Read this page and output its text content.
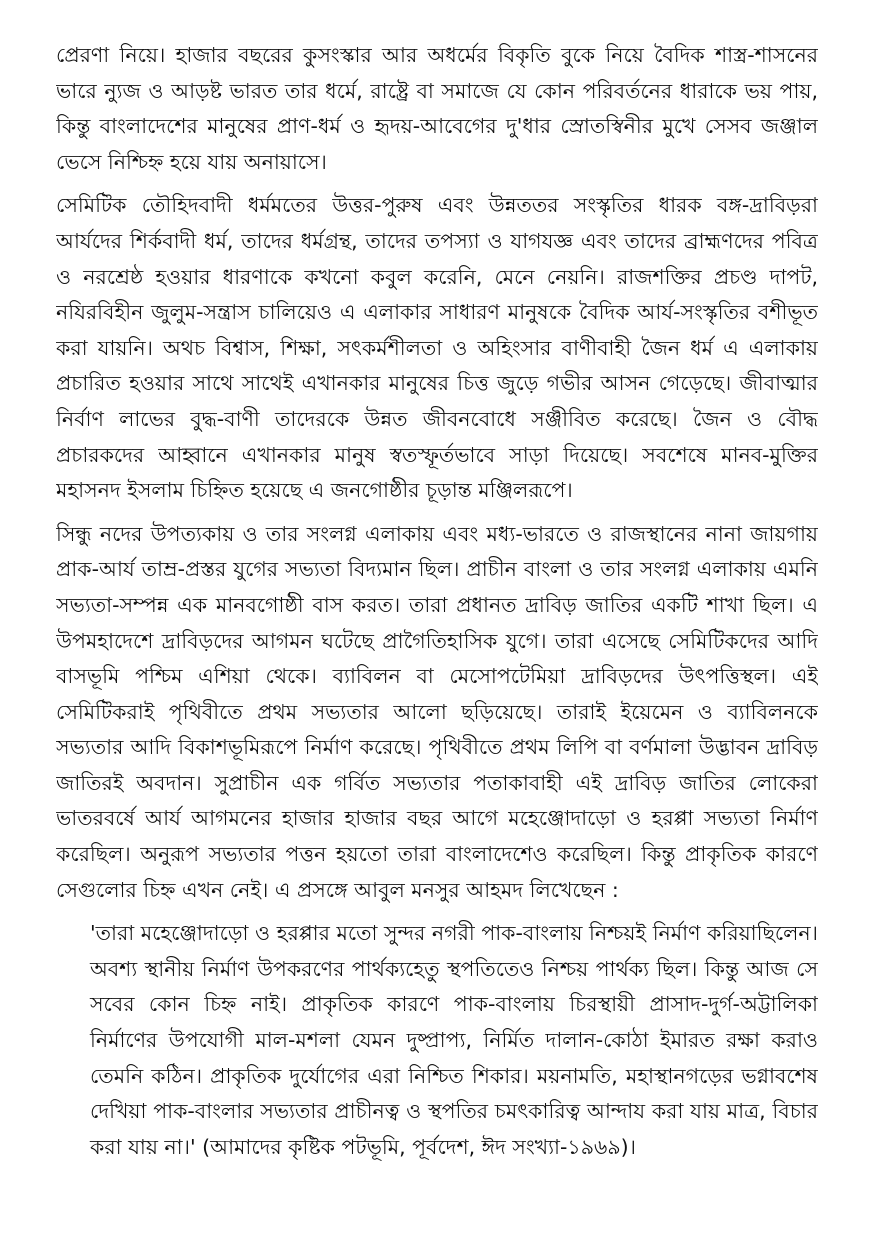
প্রেরণা নিয়ে। হাজার বছরের কুসংস্কার আর অধর্মের বিকৃতি বুকে নিয়ে বৈদিক শাস্ত্র-শাসনের ভারে ন্যুজ ও আড়ষ্ট ভারত তার ধর্মে, রাষ্ট্রে বা সমাজে যে কোন পরিবর্তনের ধারাকে ভয় পায়, কিন্তু বাংলাদেশের মানুষের প্রাণ-ধর্ম ও হৃদয়-আবেগের দু'ধার স্রোতস্বিনীর মুখে সেসব জঞ্জাল ভেসে নিশ্চিহ্ন হয়ে যায় অনায়াসে।

সেমিটিক তৌহিদবাদী ধর্মমতের উত্তর-পুরুষ এবং উন্নততর সংস্কৃতির ধারক বঙ্গ-দ্রাবিড়রা আর্যদের শির্কবাদী ধর্ম, তাদের ধর্মগ্রন্থ, তাদের তপস্যা ও যাগযজ্ঞ এবং তাদের ব্রাহ্মণদের পবিত্র ও নরশ্রেষ্ঠ হওয়ার ধারণাকে কখনো কবুল করেনি, মেনে নেয়নি। রাজশক্তির প্রচণ্ড দাপট, নযিরবিহীন জুলুম-সন্ত্রাস চালিয়েও এ এলাকার সাধারণ মানুষকে বৈদিক আর্য-সংস্কৃতির বশীভূত করা যায়নি। অথচ বিশ্বাস, শিক্ষা, সৎকর্মশীলতা ও অহিংসার বাণীবাহী জৈন ধর্ম এ এলাকায় প্রচারিত হওয়ার সাথে সাথেই এখানকার মানুষের চিত্ত জুড়ে গভীর আসন গেড়েছে। জীবাত্মার নির্বাণ লাভের বুদ্ধ-বাণী তাদেরকে উন্নত জীবনবোধে সঞ্জীবিত করেছে। জৈন ও বৌদ্ধ প্রচারকদের আহ্বানে এখানকার মানুষ স্বতস্ফূর্তভাবে সাড়া দিয়েছে। সবশেষে মানব-মুক্তির মহাসনদ ইসলাম চিহ্নিত হয়েছে এ জনগোষ্ঠীর চূড়ান্ত মঞ্জিলরূপে।

সিন্ধু নদের উপত্যকায় ও তার সংলগ্ন এলাকায় এবং মধ্য-ভারতে ও রাজস্থানের নানা জায়গায় প্রাক-আর্য তাম্র-প্রস্তর যুগের সভ্যতা বিদ্যমান ছিল। প্রাচীন বাংলা ও তার সংলগ্ন এলাকায় এমনি সভ্যতা-সম্পন্ন এক মানবগোষ্ঠী বাস করত। তারা প্রধানত দ্রাবিড় জাতির একটি শাখা ছিল। এ উপমহাদেশে দ্রাবিড়দের আগমন ঘটেছে প্রাগৈতিহাসিক যুগে। তারা এসেছে সেমিটিকদের আদি বাসভূমি পশ্চিম এশিয়া থেকে। ব্যাবিলন বা মেসোপটেমিয়া দ্রাবিড়দের উৎপত্তিস্থল। এই সেমিটিকরাই পৃথিবীতে প্রথম সভ্যতার আলো ছড়িয়েছে। তারাই ইয়েমেন ও ব্যাবিলনকে সভ্যতার আদি বিকাশভূমিরূপে নির্মাণ করেছে। পৃথিবীতে প্রথম লিপি বা বর্ণমালা উদ্ভাবন দ্রাবিড় জাতিরই অবদান। সুপ্রাচীন এক গর্বিত সভ্যতার পতাকাবাহী এই দ্রাবিড় জাতির লোকেরা ভাতরবর্ষে আর্য আগমনের হাজার হাজার বছর আগে মহেঞ্জোদাড়ো ও হরপ্পা সভ্যতা নির্মাণ করেছিল। অনুরূপ সভ্যতার পত্তন হয়তো তারা বাংলাদেশেও করেছিল। কিন্তু প্রাকৃতিক কারণে সেগুলোর চিহ্ন এখন নেই। এ প্রসঙ্গে আবুল মনসুর আহমদ লিখেছেন :

'তারা মহেঞ্জোদাড়ো ও হরপ্পার মতো সুন্দর নগরী পাক-বাংলায় নিশ্চয়ই নির্মাণ করিয়াছিলেন। অবশ্য স্থানীয় নির্মাণ উপকরণের পার্থক্যহেতু স্থপতিতেও নিশ্চয় পার্থক্য ছিল। কিন্তু আজ সে সবের কোন চিহ্ন নাই। প্রাকৃতিক কারণে পাক-বাংলায় চিরস্থায়ী প্রাসাদ-দুর্গ-অট্টালিকা নির্মাণের উপযোগী মাল-মশলা যেমন দুষ্প্রাপ্য, নির্মিত দালান-কোঠা ইমারত রক্ষা করাও তেমনি কঠিন। প্রাকৃতিক দুর্যোগের এরা নিশ্চিত শিকার। ময়নামতি, মহাস্থানগড়ের ভগ্নাবশেষ দেখিয়া পাক-বাংলার সভ্যতার প্রাচীনত্ব ও স্থপতির চমৎকারিত্ব আন্দায করা যায় মাত্র, বিচার করা যায় না।' (আমাদের কৃষ্টিক পটভূমি, পূর্বদেশ, ঈদ সংখ্যা-১৯৬৯)।
